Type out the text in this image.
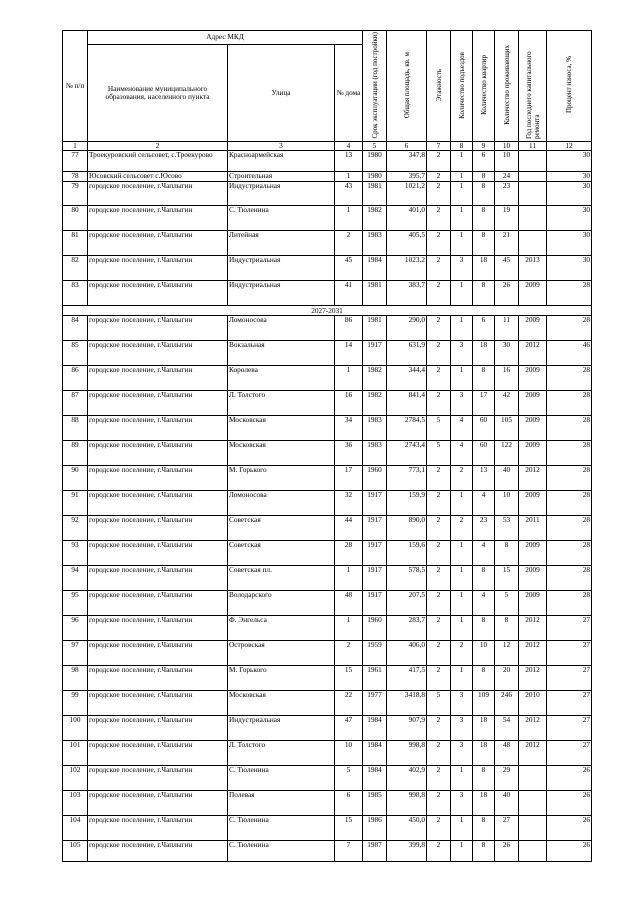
№ п/п	Адрес МКД			Срок эксплуатации (год постройки)	Общая площадь, кв. м	Этажность	Количество подъездов	Количество квартир	Количество проживающих	Год последнего капитального ремонта	Процент износа, %
	Наименование муниципального образования, населенного пункта	Улица	№ дома								
1	2	3	4	5	6	7	8	9	10	11	12
77	Троекуровский сельсовет, с.Троекурово	Красноармейская	13	1980	347,8	2	1	6	10		30
78	Юсовский сельсовет с.Юсово	Строительная	1	1980	395,7	2	1	8	24		30
79	городское поселение, г.Чаплыгин	Индустриальная	43	1981	1021,2	2	1	8	23		30
80	городское поселение, г.Чаплыгин	С. Тюленина	1	1982	401,0	2	1	8	19		30
81	городское поселение, г.Чаплыгин	Литейная	2	1983	405,5	2	1	8	21		30
82	городское поселение, г.Чаплыгин	Индустриальная	45	1984	1023,2	2	3	18	45	2013	30
83	городское поселение, г.Чаплыгин	Индустриальная	41	1981	383,7	2	1	8	26	2009	28
2027-2031											
84	городское поселение, г.Чаплыгин	Ломоносова	86	1981	290,0	2	1	6	11	2009	28
85	городское поселение, г.Чаплыгин	Вокзальная	14	1917	631,9	2	3	18	30	2012	46
86	городское поселение, г.Чаплыгин	Королева	1	1982	344,4	2	1	8	16	2009	28
87	городское поселение, г.Чаплыгин	Л. Толстого	16	1982	841,4	2	3	17	42	2009	28
88	городское поселение, г.Чаплыгин	Московская	34	1983	2784,5	5	4	60	105	2009	28
89	городское поселение, г.Чаплыгин	Московская	36	1983	2743,4	5	4	60	122	2009	28
90	городское поселение, г.Чаплыгин	М. Горького	17	1960	773,1	2	2	13	40	2012	28
91	городское поселение, г.Чаплыгин	Ломоносова	32	1917	159,9	2	1	4	10	2009	28
92	городское поселение, г.Чаплыгин	Советская	44	1917	890,0	2	2	23	53	2011	28
93	городское поселение, г.Чаплыгин	Советская	28	1917	159,6	2	1	4	8	2009	28
94	городское поселение, г.Чаплыгин	Советская пл.	1	1917	578,5	2	1	8	15	2009	28
95	городское поселение, г.Чаплыгин	Володарского	48	1917	207,5	2	1	4	5	2009	28
96	городское поселение, г.Чаплыгин	Ф. Энгельса	1	1960	283,7	2	1	8	8	2012	27
97	городское поселение, г.Чаплыгин	Островская	2	1959	406,0	2	2	10	12	2012	27
98	городское поселение, г.Чаплыгин	М. Горького	15	1961	417,5	2	1	8	20	2012	27
99	городское поселение, г.Чаплыгин	Московская	22	1977	3418,8	5	3	109	246	2010	27
100	городское поселение, г.Чаплыгин	Индустриальная	47	1984	907,9	2	3	18	54	2012	27
101	городское поселение, г.Чаплыгин	Л. Толстого	10	1984	998,8	2	3	18	48	2012	27
102	городское поселение, г.Чаплыгин	С. Тюленина	5	1984	402,9	2	1	8	29		26
103	городское поселение, г.Чаплыгин	Полевая	6	1985	998,8	2	3	18	40		26
104	городское поселение, г.Чаплыгин	С. Тюленина	15	1986	450,0	2	1	8	27		26
105	городское поселение, г.Чаплыгин	С. Тюленина	7	1987	399,8	2	1	8	26		26
